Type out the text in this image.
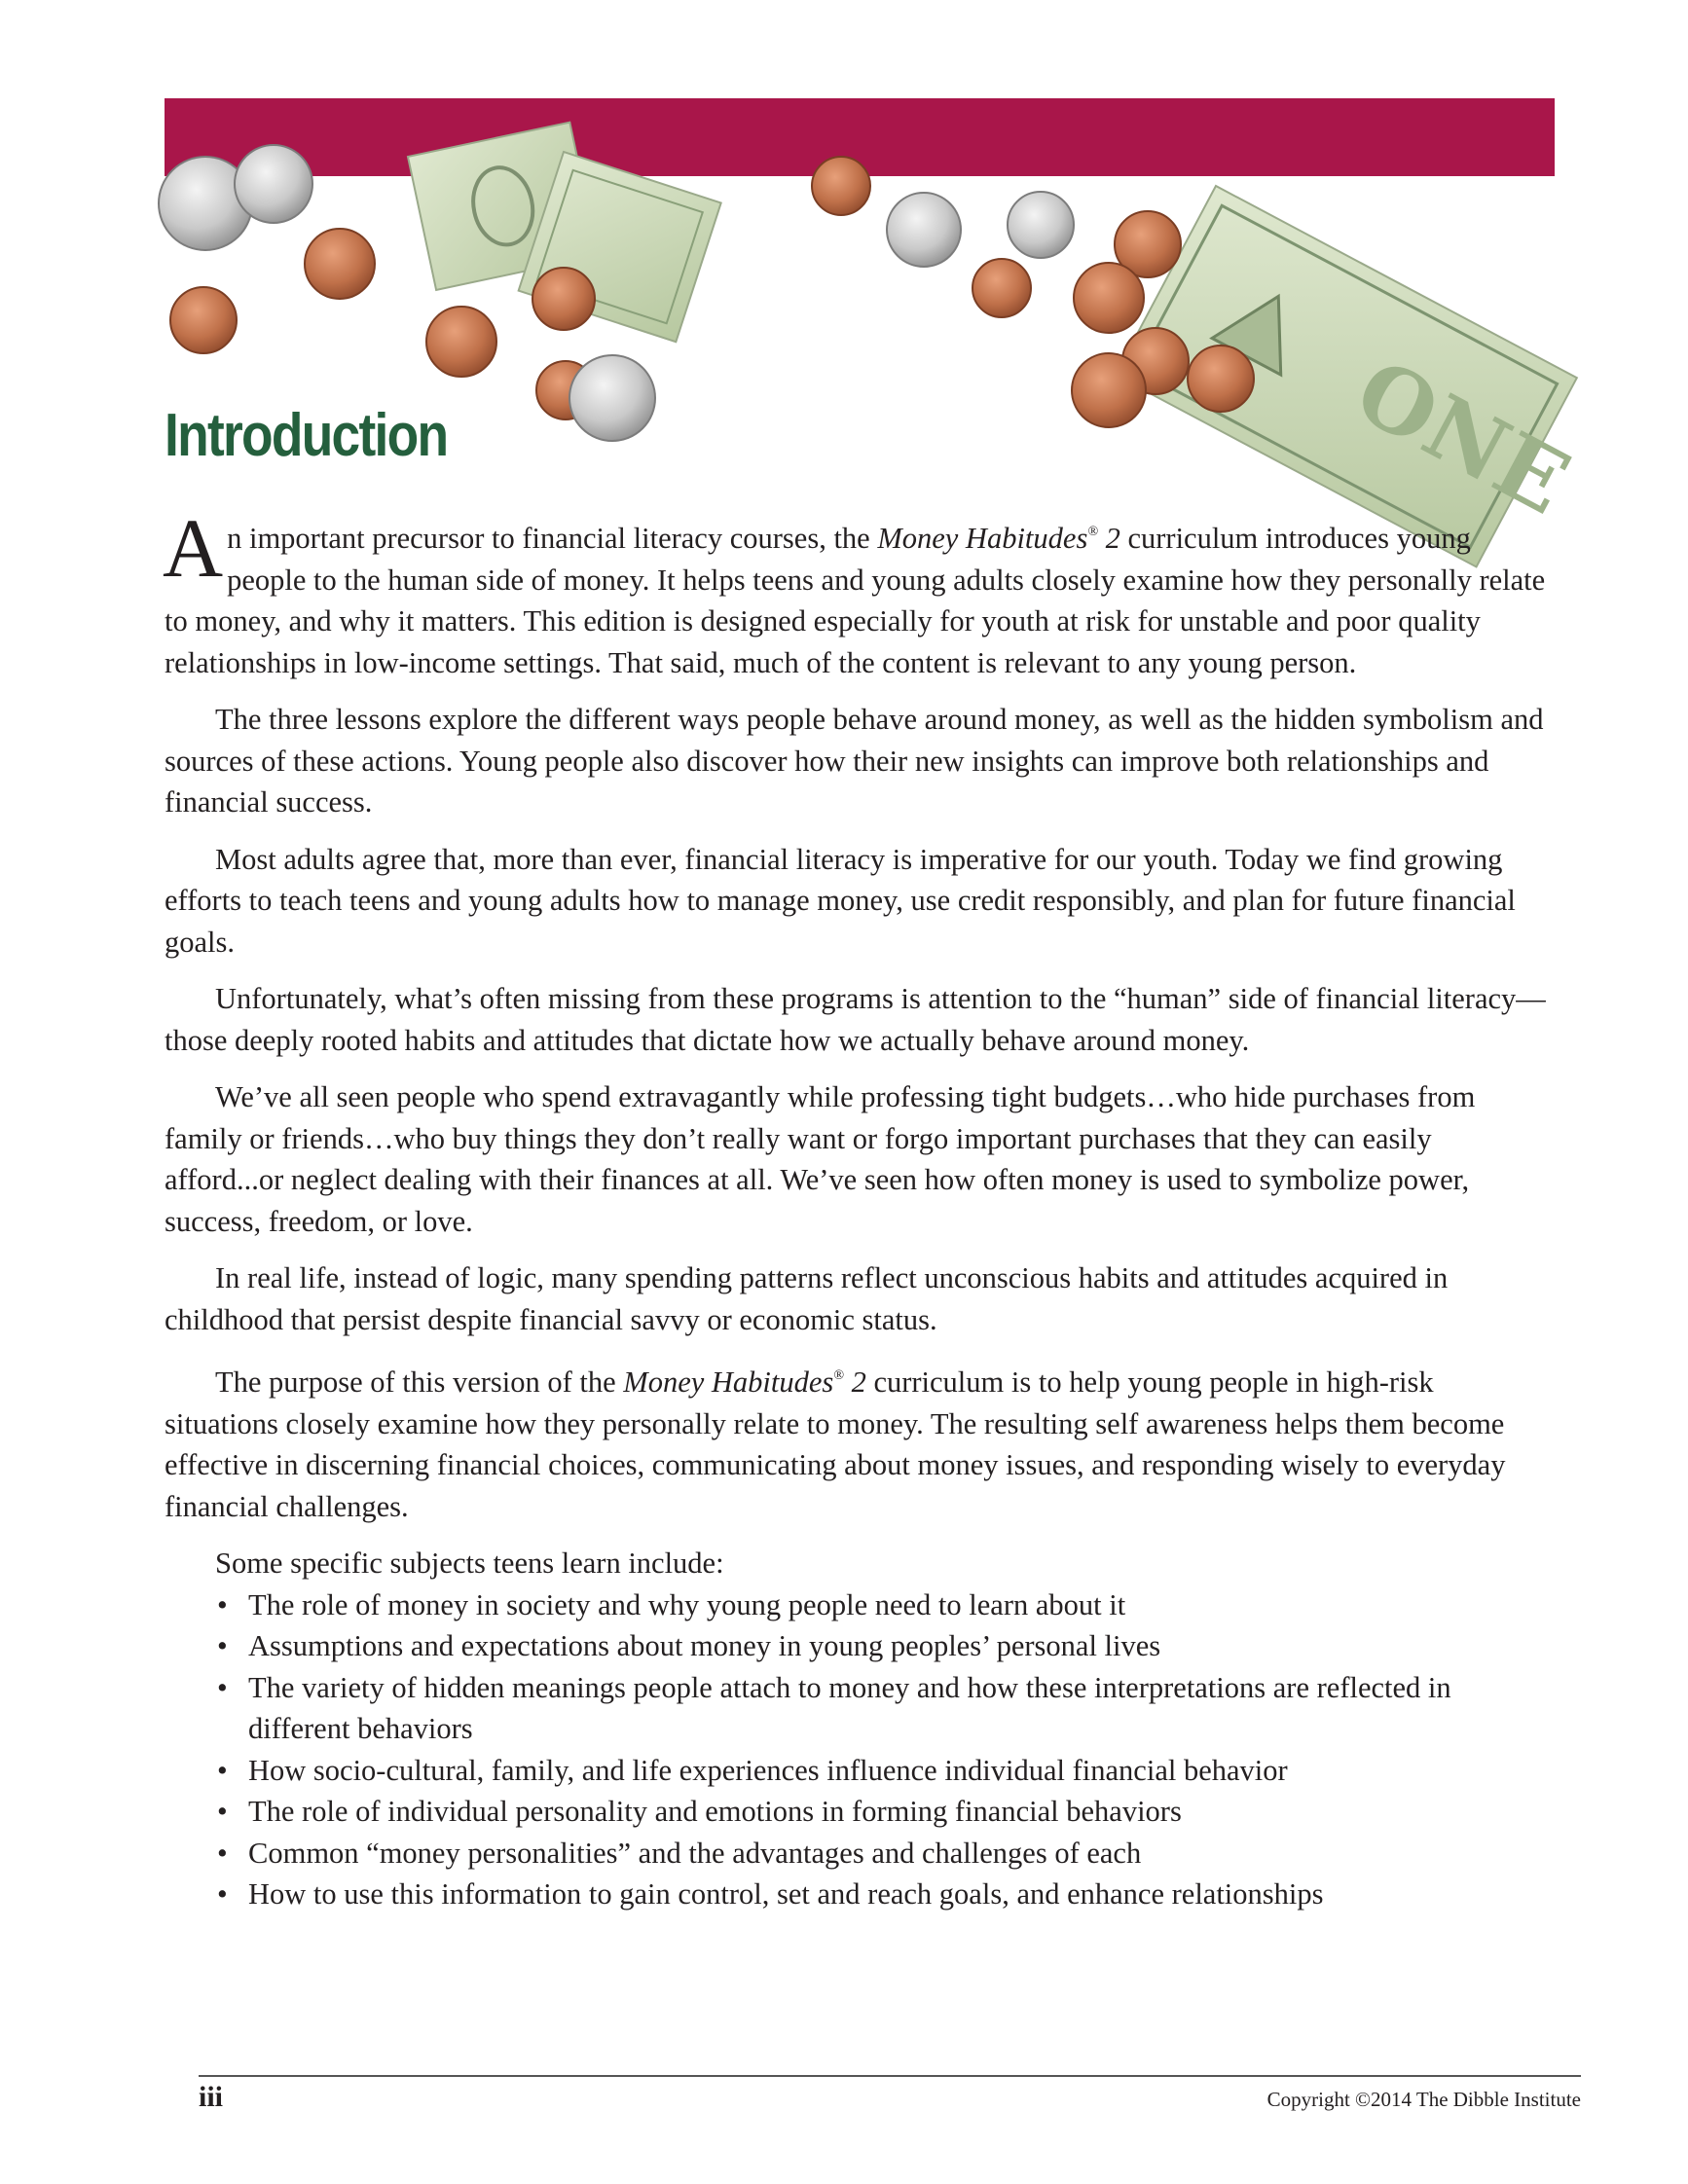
ONE
Introduction

An important precursor to financial literacy courses, the Money Habitudes® 2 curriculum introduces young people to the human side of money. It helps teens and young adults closely examine how they personally relate to money, and why it matters. This edition is designed especially for youth at risk for unstable and poor quality relationships in low-income settings. That said, much of the content is relevant to any young person.

The three lessons explore the different ways people behave around money, as well as the hidden symbolism and sources of these actions. Young people also discover how their new insights can improve both relationships and financial success.

Most adults agree that, more than ever, financial literacy is imperative for our youth. Today we find growing efforts to teach teens and young adults how to manage money, use credit responsibly, and plan for future financial goals.

Unfortunately, what’s often missing from these programs is attention to the “human” side of financial literacy—those deeply rooted habits and attitudes that dictate how we actually behave around money.

We’ve all seen people who spend extravagantly while professing tight budgets…who hide purchases from family or friends…who buy things they don’t really want or forgo important purchases that they can easily afford...or neglect dealing with their finances at all. We’ve seen how often money is used to symbolize power, success, freedom, or love.

In real life, instead of logic, many spending patterns reflect unconscious habits and attitudes acquired in childhood that persist despite financial savvy or economic status.

The purpose of this version of the Money Habitudes® 2 curriculum is to help young people in high-risk situations closely examine how they personally relate to money. The resulting self awareness helps them become effective in discerning financial choices, communicating about money issues, and responding wisely to everyday financial challenges.

Some specific subjects teens learn include:
• The role of money in society and why young people need to learn about it
• Assumptions and expectations about money in young peoples’ personal lives
• The variety of hidden meanings people attach to money and how these interpretations are reflected in different behaviors
• How socio-cultural, family, and life experiences influence individual financial behavior
• The role of individual personality and emotions in forming financial behaviors
• Common “money personalities” and the advantages and challenges of each
• How to use this information to gain control, set and reach goals, and enhance relationships
iii	Copyright ©2014 The Dibble Institute
